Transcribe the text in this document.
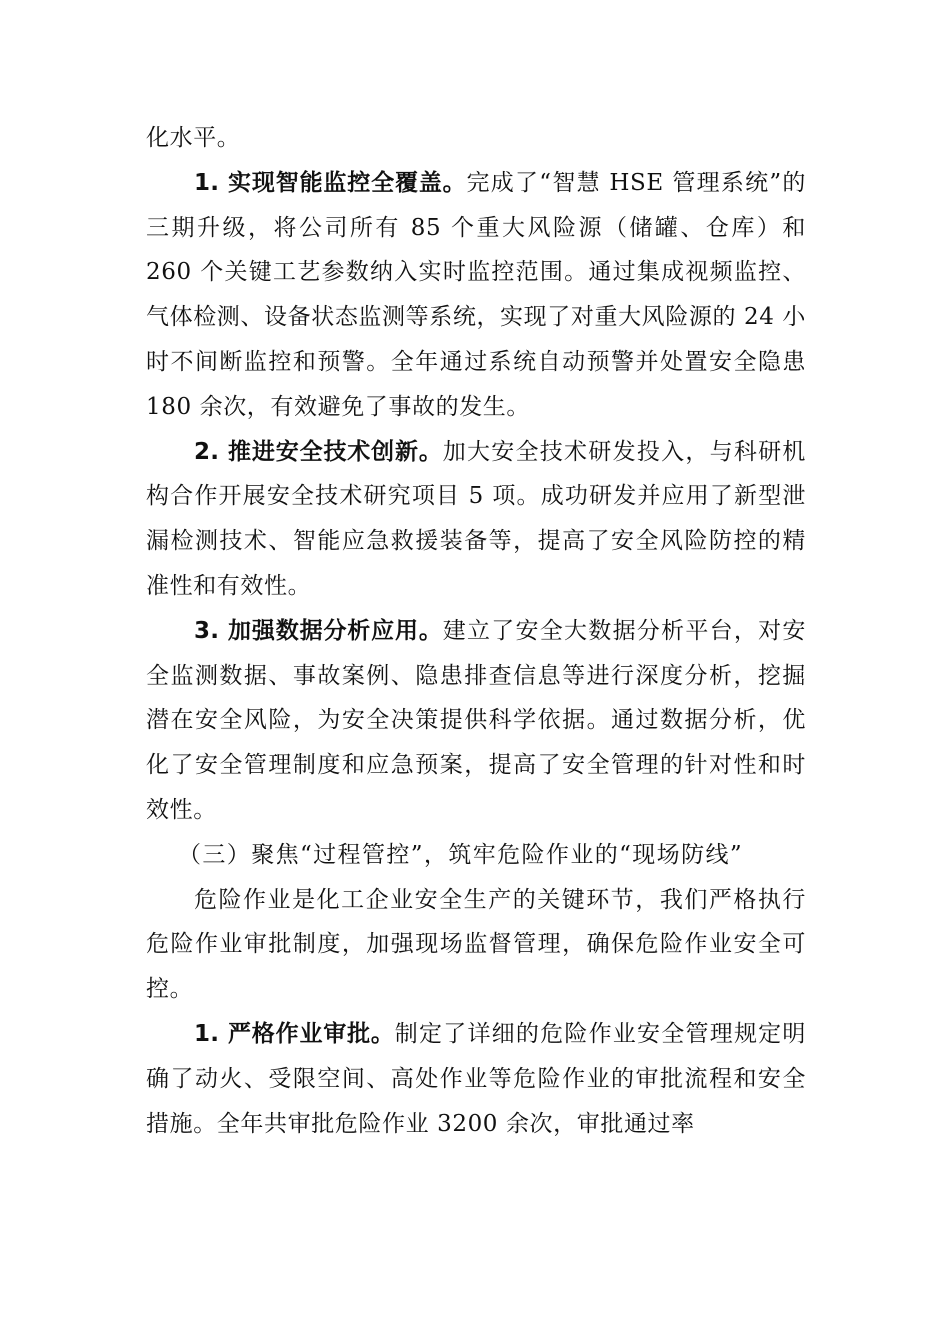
化水平。

1. 实现智能监控全覆盖。完成了“智慧 HSE 管理系统”的三期升级，将公司所有 85 个重大风险源（储罐、仓库）和 260 个关键工艺参数纳入实时监控范围。通过集成视频监控、气体检测、设备状态监测等系统，实现了对重大风险源的 24 小时不间断监控和预警。全年通过系统自动预警并处置安全隐患 180 余次，有效避免了事故的发生。

2. 推进安全技术创新。加大安全技术研发投入，与科研机构合作开展安全技术研究项目 5 项。成功研发并应用了新型泄漏检测技术、智能应急救援装备等，提高了安全风险防控的精准性和有效性。

3. 加强数据分析应用。建立了安全大数据分析平台，对安全监测数据、事故案例、隐患排查信息等进行深度分析，挖掘潜在安全风险，为安全决策提供科学依据。通过数据分析，优化了安全管理制度和应急预案，提高了安全管理的针对性和时效性。

（三）聚焦“过程管控”，筑牢危险作业的“现场防线”

危险作业是化工企业安全生产的关键环节，我们严格执行危险作业审批制度，加强现场监督管理，确保危险作业安全可控。

1. 严格作业审批。制定了详细的危险作业安全管理规定明确了动火、受限空间、高处作业等危险作业的审批流程和安全措施。全年共审批危险作业 3200 余次，审批通过率
